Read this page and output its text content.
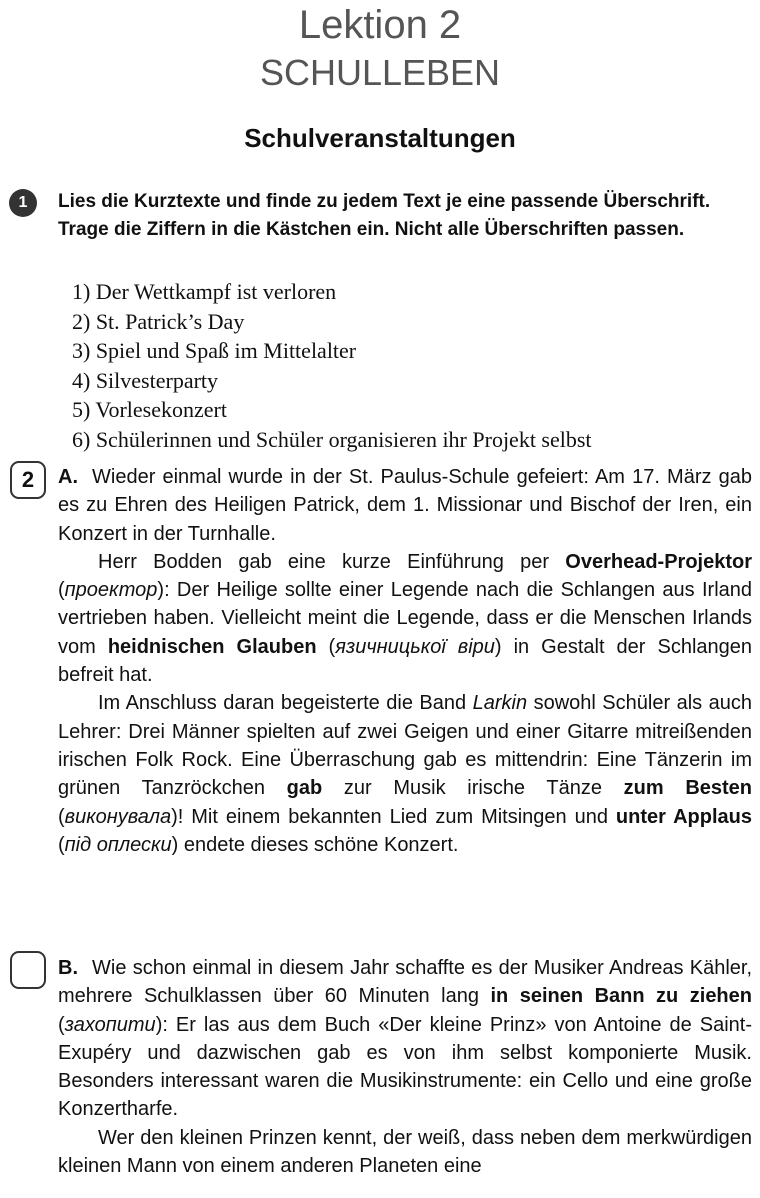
Lektion 2
SCHULLEBEN
Schulveranstaltungen
1	Lies die Kurztexte und finde zu jedem Text je eine passende Überschrift. Trage die Ziffern in die Kästchen ein. Nicht alle Überschriften passen.

1) Der Wettkampf ist verloren
2) St. Patrick’s Day
3) Spiel und Spaß im Mittelalter
4) Silvesterparty
5) Vorlesekonzert
6) Schülerinnen und Schüler organisieren ihr Projekt selbst
2	A. Wieder einmal wurde in der St. Paulus-Schule gefeiert: Am 17. März gab es zu Ehren des Heiligen Patrick, dem 1. Missionar und Bischof der Iren, ein Konzert in der Turnhalle.

Herr Bodden gab eine kurze Einführung per Overhead-Projektor (проектор): Der Heilige sollte einer Legende nach die Schlangen aus Irland vertrieben haben. Vielleicht meint die Legende, dass er die Menschen Irlands vom heidnischen Glauben (язичницької віри) in Gestalt der Schlangen befreit hat.

Im Anschluss daran begeisterte die Band Larkin sowohl Schüler als auch Lehrer: Drei Männer spielten auf zwei Geigen und einer Gitarre mitreißenden irischen Folk Rock. Eine Überraschung gab es mittendrin: Eine Tänzerin im grünen Tanzröckchen gab zur Musik irische Tänze zum Besten (виконувала)! Mit einem bekannten Lied zum Mitsingen und unter Applaus (під оплески) endete dieses schöne Konzert.

B. Wie schon einmal in diesem Jahr schaffte es der Musiker Andreas Kähler, mehrere Schulklassen über 60 Minuten lang in seinen Bann zu ziehen (захопити): Er las aus dem Buch «Der kleine Prinz» von Antoine de Saint-Exupéry und dazwischen gab es von ihm selbst komponierte Musik. Besonders interessant waren die Musikinstrumente: ein Cello und eine große Konzertharfe.

Wer den kleinen Prinzen kennt, der weiß, dass neben dem merkwürdigen kleinen Mann von einem anderen Planeten eine
